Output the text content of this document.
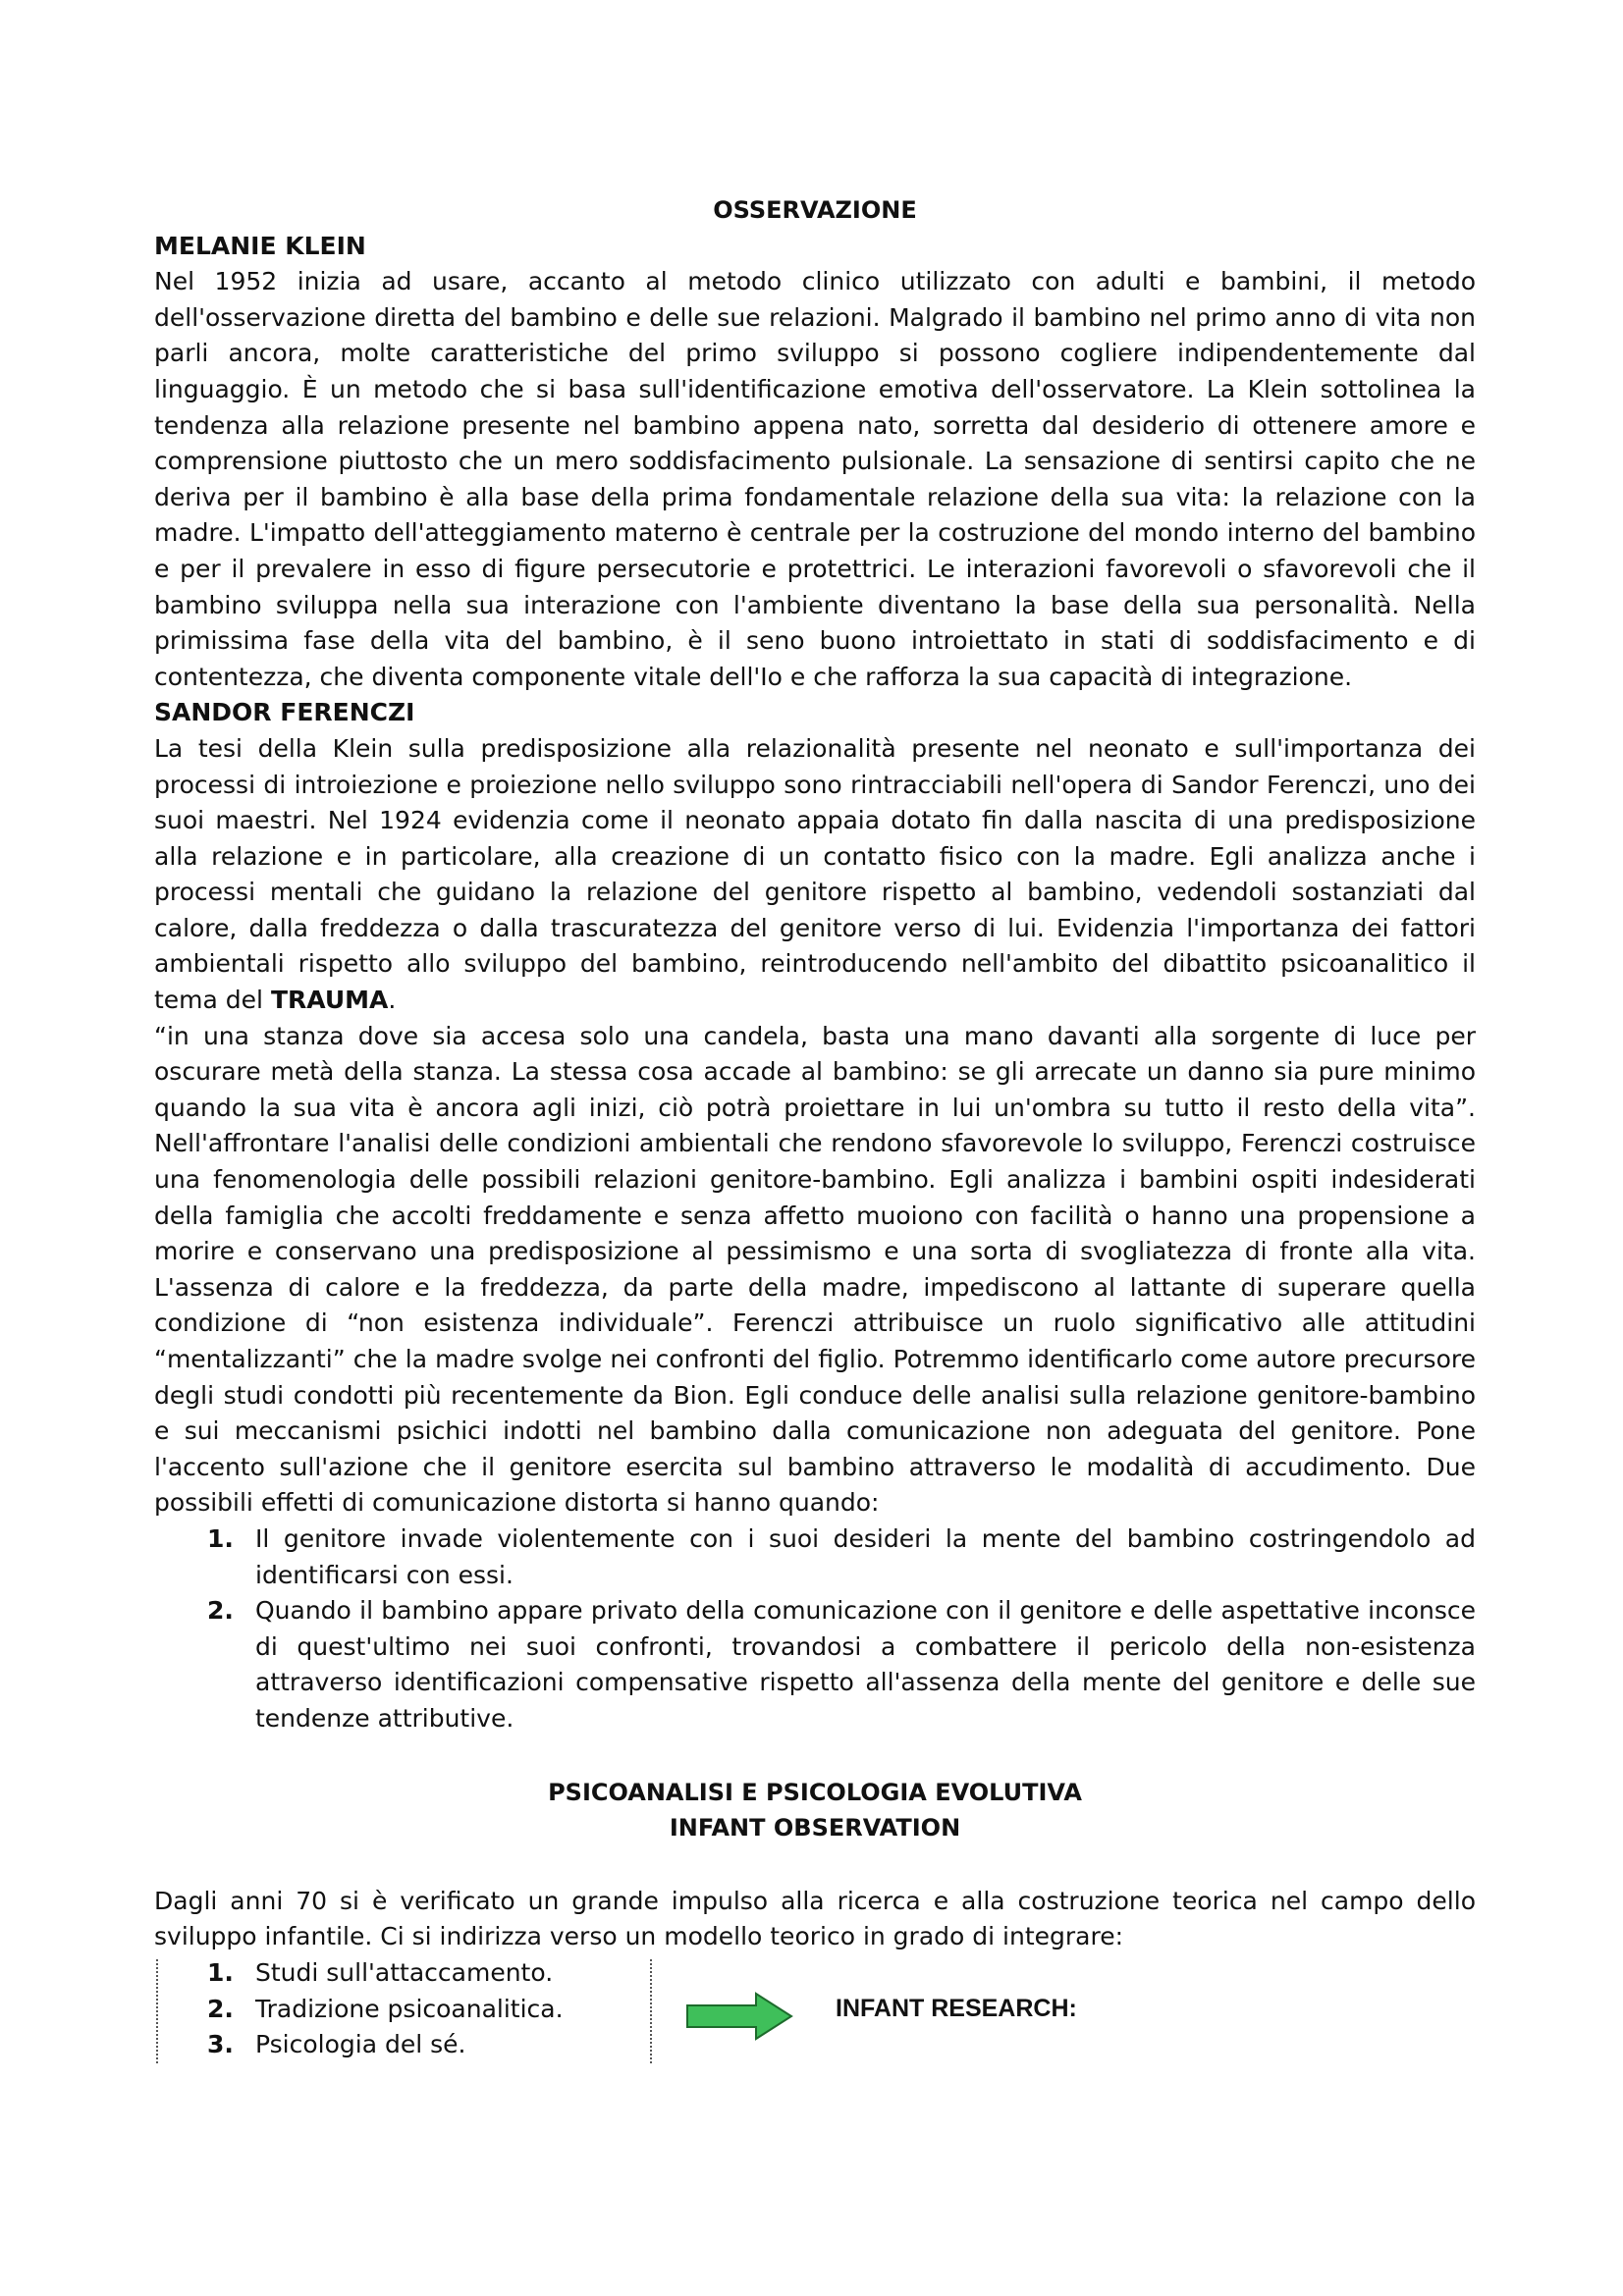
OSSERVAZIONE

MELANIE KLEIN

Nel 1952 inizia ad usare, accanto al metodo clinico utilizzato con adulti e bambini, il metodo dell'osservazione diretta del bambino e delle sue relazioni. Malgrado il bambino nel primo anno di vita non parli ancora, molte caratteristiche del primo sviluppo si possono cogliere indipendentemente dal linguaggio. È un metodo che si basa sull'identificazione emotiva dell'osservatore. La Klein sottolinea la tendenza alla relazione presente nel bambino appena nato, sorretta dal desiderio di ottenere amore e comprensione piuttosto che un mero soddisfacimento pulsionale. La sensazione di sentirsi capito che ne deriva per il bambino è alla base della prima fondamentale relazione della sua vita: la relazione con la madre. L'impatto dell'atteggiamento materno è centrale per la costruzione del mondo interno del bambino e per il prevalere in esso di figure persecutorie e protettrici. Le interazioni favorevoli o sfavorevoli che il bambino sviluppa nella sua interazione con l'ambiente diventano la base della sua personalità. Nella primissima fase della vita del bambino, è il seno buono introiettato in stati di soddisfacimento e di contentezza, che diventa componente vitale dell'Io e che rafforza la sua capacità di integrazione.

SANDOR FERENCZI

La tesi della Klein sulla predisposizione alla relazionalità presente nel neonato e sull'importanza dei processi di introiezione e proiezione nello sviluppo sono rintracciabili nell'opera di Sandor Ferenczi, uno dei suoi maestri. Nel 1924 evidenzia come il neonato appaia dotato fin dalla nascita di una predisposizione alla relazione e in particolare, alla creazione di un contatto fisico con la madre. Egli analizza anche i processi mentali che guidano la relazione del genitore rispetto al bambino, vedendoli sostanziati dal calore, dalla freddezza o dalla trascuratezza del genitore verso di lui. Evidenzia l'importanza dei fattori ambientali rispetto allo sviluppo del bambino, reintroducendo nell'ambito del dibattito psicoanalitico il tema del TRAUMA.

“in una stanza dove sia accesa solo una candela, basta una mano davanti alla sorgente di luce per oscurare metà della stanza. La stessa cosa accade al bambino: se gli arrecate un danno sia pure minimo quando la sua vita è ancora agli inizi, ciò potrà proiettare in lui un'ombra su tutto il resto della vita”. Nell'affrontare l'analisi delle condizioni ambientali che rendono sfavorevole lo sviluppo, Ferenczi costruisce una fenomenologia delle possibili relazioni genitore-bambino. Egli analizza i bambini ospiti indesiderati della famiglia che accolti freddamente e senza affetto muoiono con facilità o hanno una propensione a morire e conservano una predisposizione al pessimismo e una sorta di svogliatezza di fronte alla vita. L'assenza di calore e la freddezza, da parte della madre, impediscono al lattante di superare quella condizione di “non esistenza individuale”. Ferenczi attribuisce un ruolo significativo alle attitudini “mentalizzanti” che la madre svolge nei confronti del figlio. Potremmo identificarlo come autore precursore degli studi condotti più recentemente da Bion. Egli conduce delle analisi sulla relazione genitore-bambino e sui meccanismi psichici indotti nel bambino dalla comunicazione non adeguata del genitore. Pone l'accento sull'azione che il genitore esercita sul bambino attraverso le modalità di accudimento. Due possibili effetti di comunicazione distorta si hanno quando:

1. Il genitore invade violentemente con i suoi desideri la mente del bambino costringendolo ad identificarsi con essi.
2. Quando il bambino appare privato della comunicazione con il genitore e delle aspettative inconsce di quest'ultimo nei suoi confronti, trovandosi a combattere il pericolo della non-esistenza attraverso identificazioni compensative rispetto all'assenza della mente del genitore e delle sue tendenze attributive.

PSICOANALISI E PSICOLOGIA EVOLUTIVA

INFANT OBSERVATION

Dagli anni 70 si è verificato un grande impulso alla ricerca e alla costruzione teorica nel campo dello sviluppo infantile. Ci si indirizza verso un modello teorico in grado di integrare:

1. Studi sull'attaccamento.
2. Tradizione psicoanalitica.
3. Psicologia del sé.
INFANT RESEARCH:
